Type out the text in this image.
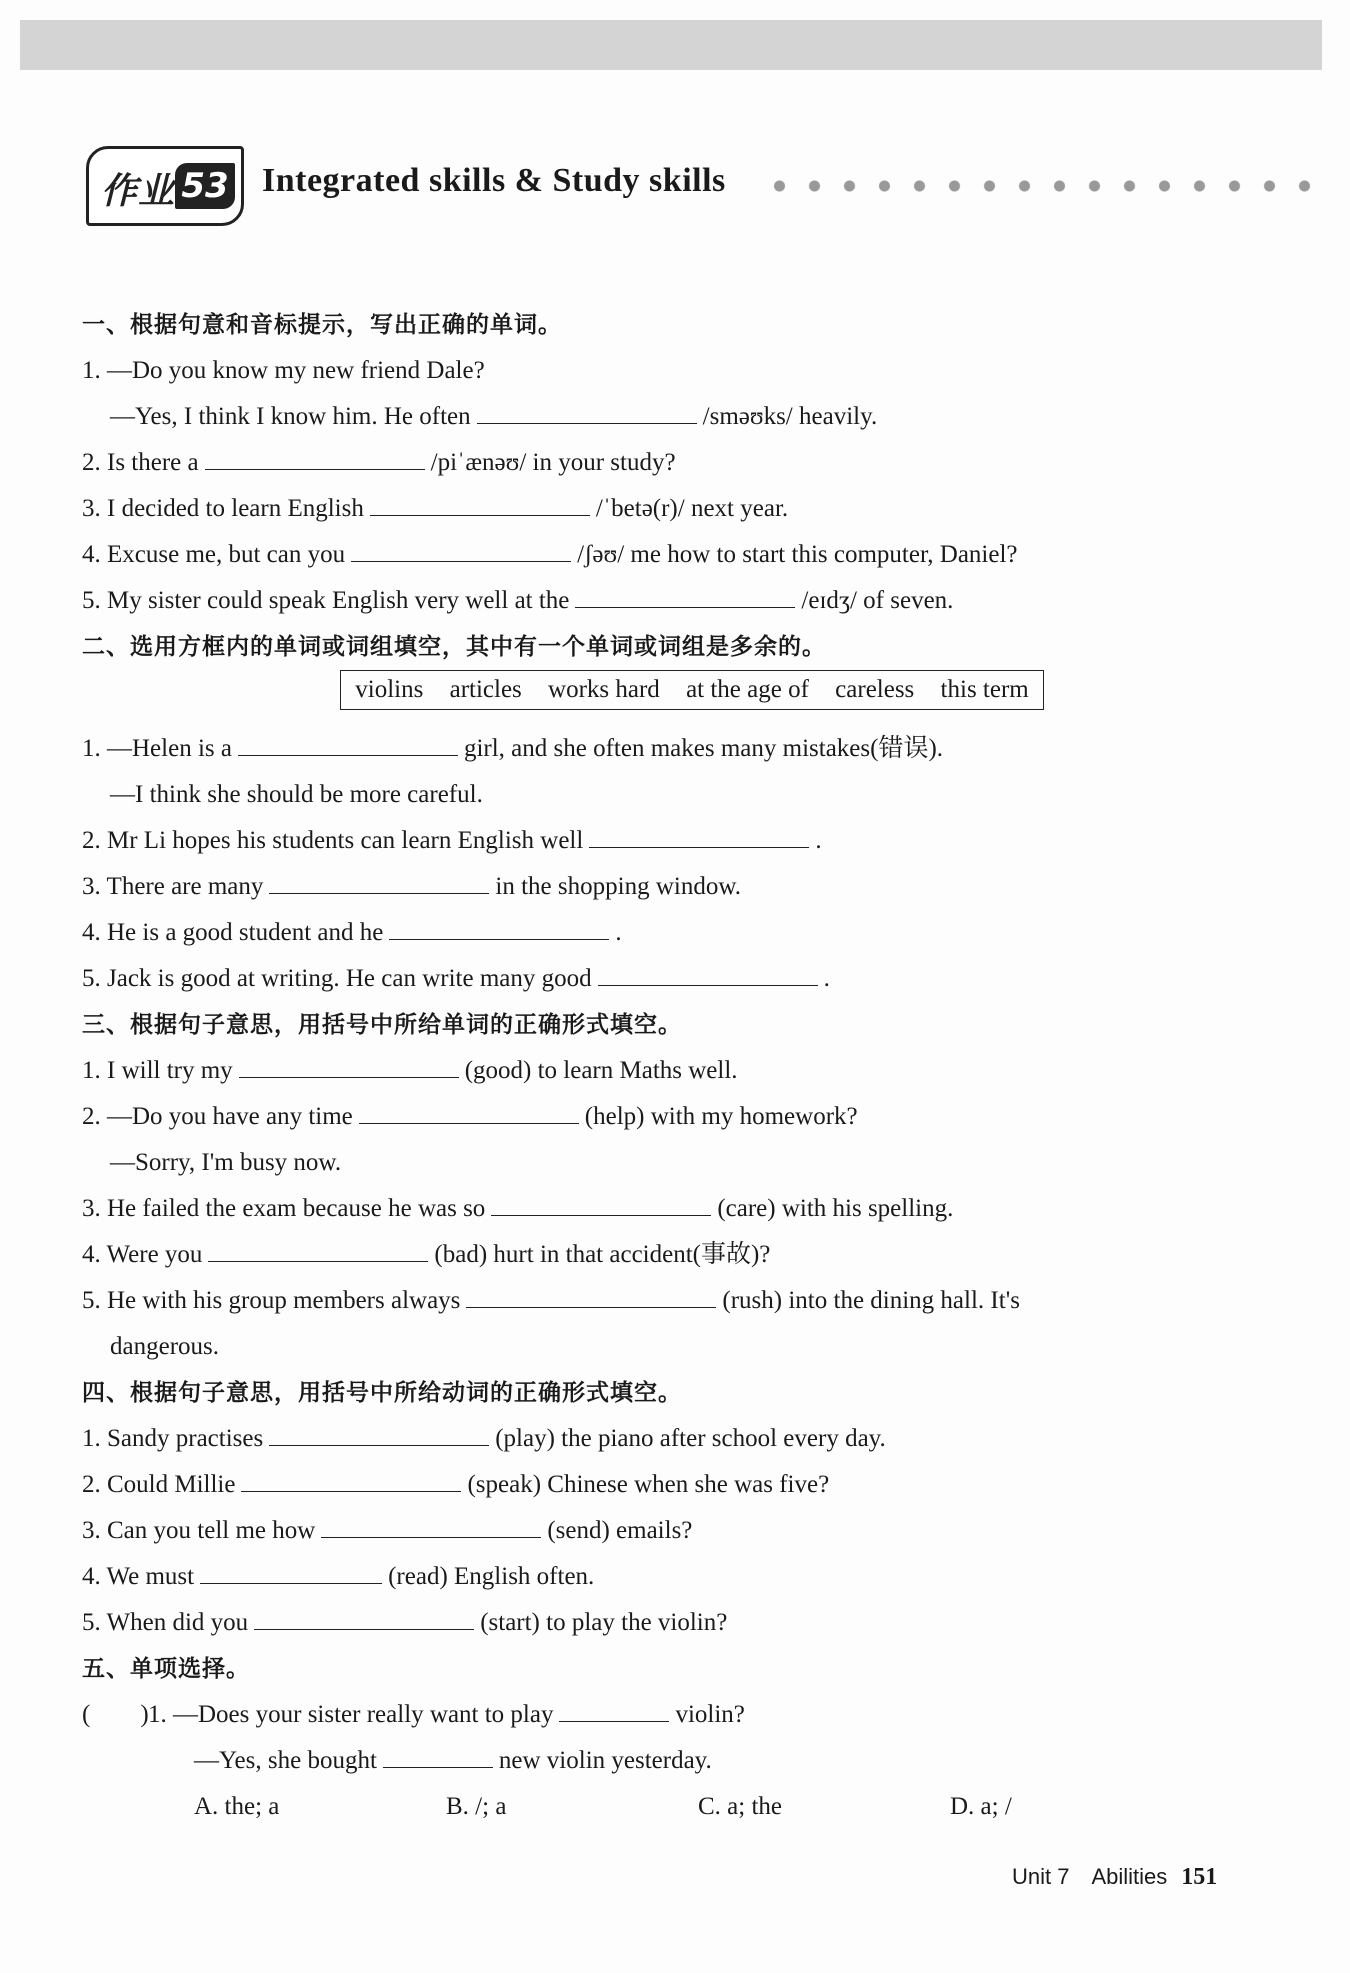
作业 53 Integrated skills & Study skills
一、根据句意和音标提示，写出正确的单词。
1. —Do you know my new friend Dale?
—Yes, I think I know him. He often	/sməʊks/ heavily.
2. Is there a	/piˈænəʊ/ in your study?
3. I decided to learn English	/ˈbetə(r)/ next year.
4. Excuse me, but can you	/ʃəʊ/ me how to start this computer, Daniel?
5. My sister could speak English very well at the	/eɪdʒ/ of seven.
二、选用方框内的单词或词组填空，其中有一个单词或词组是多余的。
violins articles works hard at the age of careless this term
1. —Helen is a	girl, and she often makes many mistakes(错误).
—I think she should be more careful.
2. Mr Li hopes his students can learn English well	.
3. There are many	in the shopping window.
4. He is a good student and he	.
5. Jack is good at writing. He can write many good	.
三、根据句子意思，用括号中所给单词的正确形式填空。
1. I will try my	(good) to learn Maths well.
2. —Do you have any time	(help) with my homework?
—Sorry, I'm busy now.
3. He failed the exam because he was so	(care) with his spelling.
4. Were you	(bad) hurt in that accident(事故)?
5. He with his group members always	(rush) into the dining hall. It's
dangerous.
四、根据句子意思，用括号中所给动词的正确形式填空。
1. Sandy practises	(play) the piano after school every day.
2. Could Millie	(speak) Chinese when she was five?
3. Can you tell me how	(send) emails?
4. We must	(read) English often.
5. When did you	(start) to play the violin?
五、单项选择。
(　　)1. —Does your sister really want to play	violin?
—Yes, she bought	new violin yesterday.
A. the; a	B. /; a	C. a; the	D. a; /
Unit 7 Abilities 151
